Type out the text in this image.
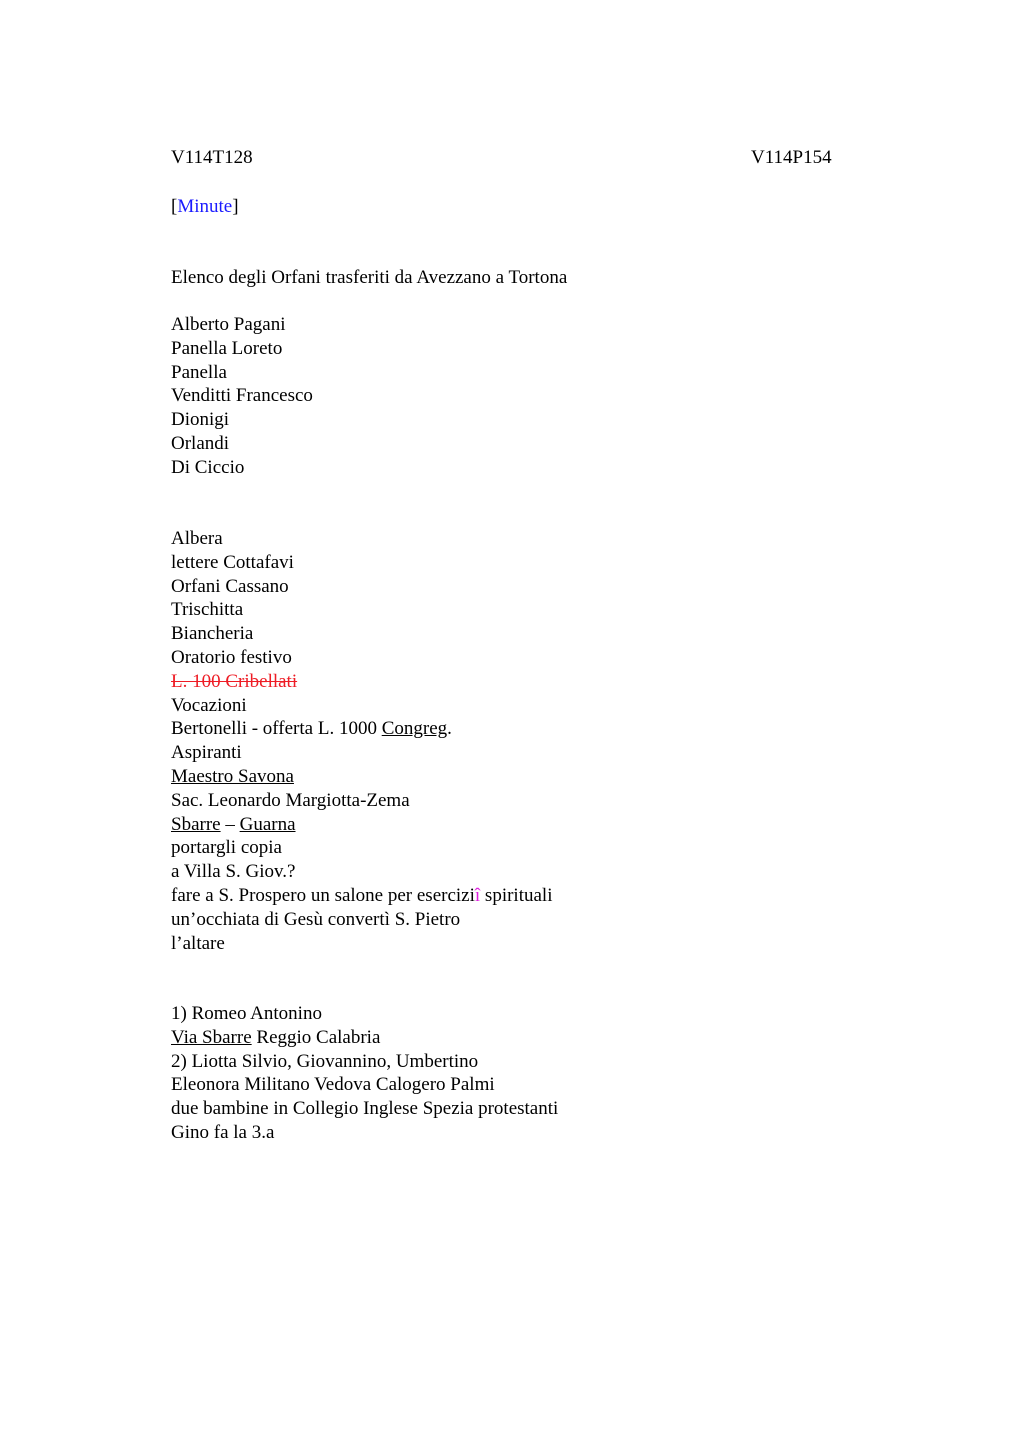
V114T128	V114P154
[Minute]
Elenco degli Orfani trasferiti da Avezzano a Tortona
Alberto Pagani
Panella Loreto
Panella
Venditti Francesco
Dionigi
Orlandi
Di Ciccio
Albera
lettere Cottafavi
Orfani Cassano
Trischitta
Biancheria
Oratorio festivo
L. 100 Cribellati
Vocazioni
Bertonelli - offerta L. 1000 Congreg.
Aspiranti
Maestro Savona
Sac. Leonardo Margiotta-Zema
Sbarre – Guarna
portargli copia
a Villa S. Giov.?
fare a S. Prospero un salone per eserciziî spirituali
un’occhiata di Gesù convertì S. Pietro
l’altare
1) Romeo Antonino
Via Sbarre Reggio Calabria
2) Liotta Silvio, Giovannino, Umbertino
Eleonora Militano Vedova Calogero Palmi
due bambine in Collegio Inglese Spezia protestanti
Gino fa la 3.a
